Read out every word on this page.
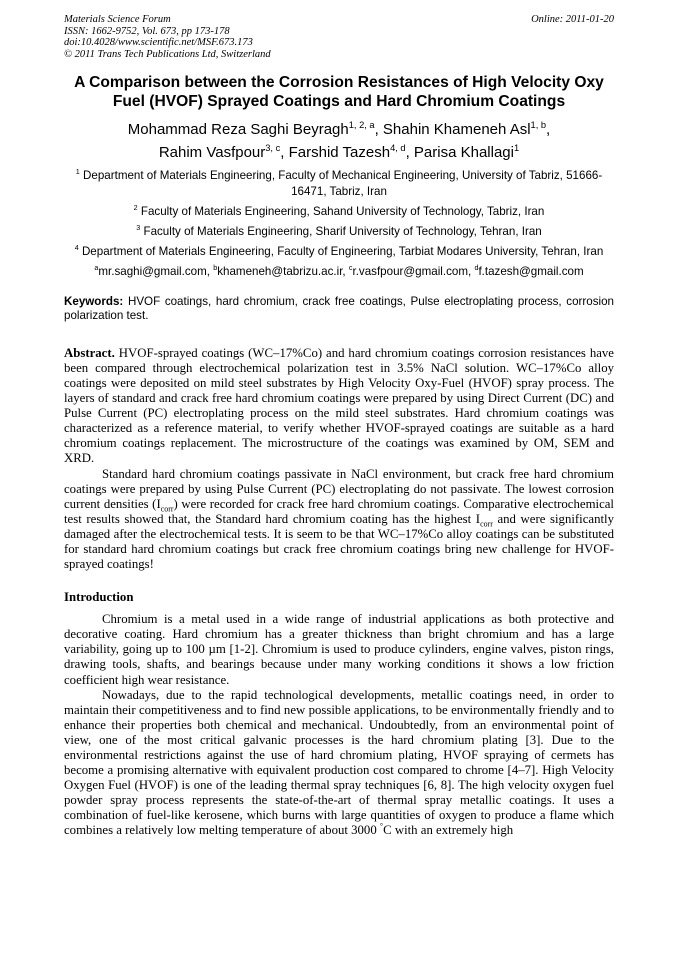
Materials Science Forum
ISSN: 1662-9752, Vol. 673, pp 173-178
doi:10.4028/www.scientific.net/MSF.673.173
© 2011 Trans Tech Publications Ltd, Switzerland
Online: 2011-01-20
A Comparison between the Corrosion Resistances of High Velocity Oxy Fuel (HVOF) Sprayed Coatings and Hard Chromium Coatings
Mohammad Reza Saghi Beyragh$^{1, 2, a}$, Shahin Khameneh Asl$^{1, b}$,
Rahim Vasfpour$^{3, c}$, Farshid Tazesh$^{4, d}$, Parisa Khallagi$^1$
$^1$ Department of Materials Engineering, Faculty of Mechanical Engineering, University of Tabriz, 51666-16471, Tabriz, Iran
$^2$ Faculty of Materials Engineering, Sahand University of Technology, Tabriz, Iran
$^3$ Faculty of Materials Engineering, Sharif University of Technology, Tehran, Iran
$^4$ Department of Materials Engineering, Faculty of Engineering, Tarbiat Modares University, Tehran, Iran
$^a$mr.saghi@gmail.com, $^b$khameneh@tabrizu.ac.ir, $^c$r.vasfpour@gmail.com, $^d$f.tazesh@gmail.com
Keywords: HVOF coatings, hard chromium, crack free coatings, Pulse electroplating process, corrosion polarization test.

Abstract. HVOF-sprayed coatings (WC–17%Co) and hard chromium coatings corrosion resistances have been compared through electrochemical polarization test in 3.5% NaCl solution. WC–17%Co alloy coatings were deposited on mild steel substrates by High Velocity Oxy-Fuel (HVOF) spray process. The layers of standard and crack free hard chromium coatings were prepared by using Direct Current (DC) and Pulse Current (PC) electroplating process on the mild steel substrates. Hard chromium coatings was characterized as a reference material, to verify whether HVOF-sprayed coatings are suitable as a hard chromium coatings replacement. The microstructure of the coatings was examined by OM, SEM and XRD.

Standard hard chromium coatings passivate in NaCl environment, but crack free hard chromium coatings were prepared by using Pulse Current (PC) electroplating do not passivate. The lowest corrosion current densities $(I_{corr})$ were recorded for crack free hard chromium coatings. Comparative electrochemical test results showed that, the Standard hard chromium coating has the highest $I_{corr}$ and were significantly damaged after the electrochemical tests. It is seem to be that WC–17%Co alloy coatings can be substituted for standard hard chromium coatings but crack free chromium coatings bring new challenge for HVOF-sprayed coatings!

Introduction

Chromium is a metal used in a wide range of industrial applications as both protective and decorative coating. Hard chromium has a greater thickness than bright chromium and has a large variability, going up to 100 µm [1-2]. Chromium is used to produce cylinders, engine valves, piston rings, drawing tools, shafts, and bearings because under many working conditions it shows a low friction coefficient high wear resistance.

Nowadays, due to the rapid technological developments, metallic coatings need, in order to maintain their competitiveness and to find new possible applications, to be environmentally friendly and to enhance their properties both chemical and mechanical. Undoubtedly, from an environmental point of view, one of the most critical galvanic processes is the hard chromium plating [3]. Due to the environmental restrictions against the use of hard chromium plating, HVOF spraying of cermets has become a promising alternative with equivalent production cost compared to chrome [4–7]. High Velocity Oxygen Fuel (HVOF) is one of the leading thermal spray techniques [6, 8]. The high velocity oxygen fuel powder spray process represents the state-of-the-art of thermal spray metallic coatings. It uses a combination of fuel-like kerosene, which burns with large quantities of oxygen to produce a flame which combines a relatively low melting temperature of about 3000 °C with an extremely high
